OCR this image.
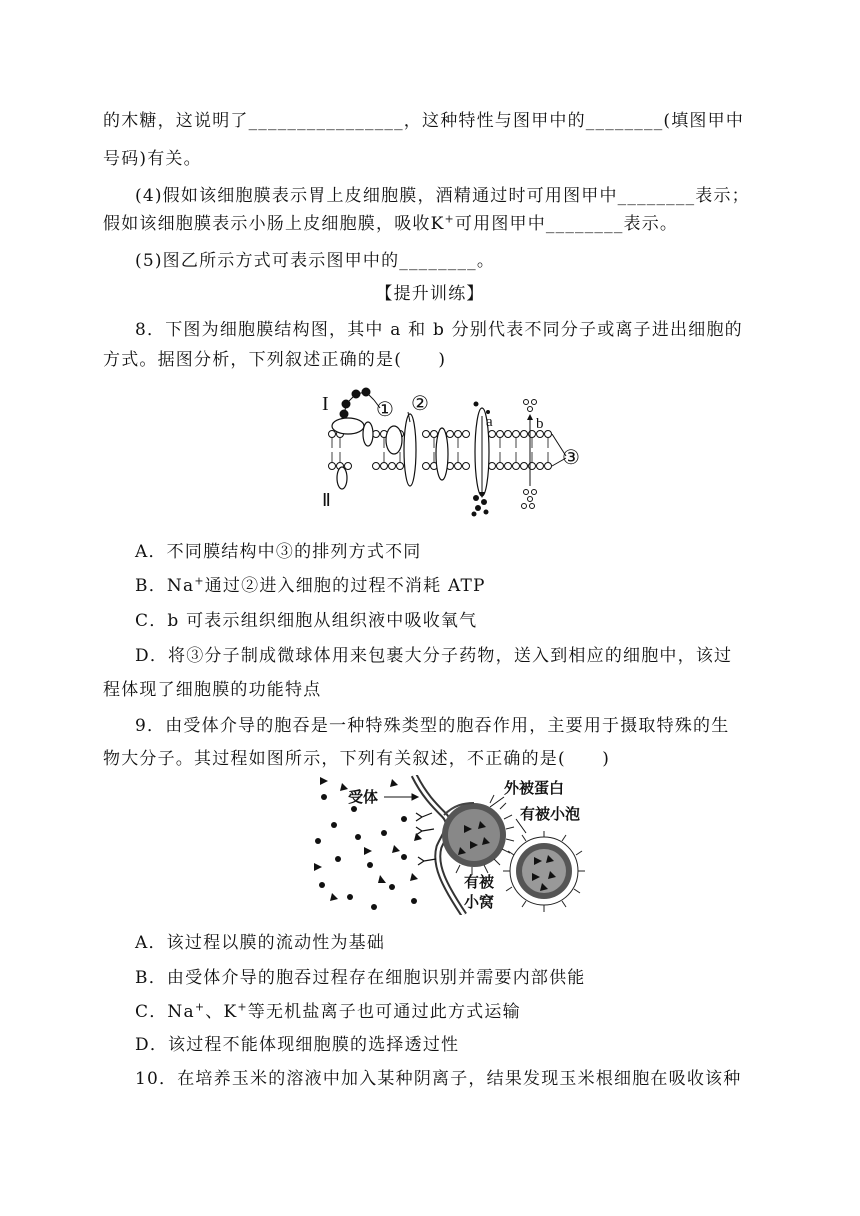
的木糖，这说明了________________，这种特性与图甲中的________(填图甲中
号码)有关。
(4)假如该细胞膜表示胃上皮细胞膜，酒精通过时可用图甲中________表示；
假如该细胞膜表示小肠上皮细胞膜，吸收K+可用图甲中________表示。
(5)图乙所示方式可表示图甲中的________。
【提升训练】
8．下图为细胞膜结构图，其中 a 和 b 分别代表不同分子或离子进出细胞的
方式。据图分析，下列叙述正确的是(　　)
I
Ⅱ
① ②
③
a	b
A．不同膜结构中③的排列方式不同
B．Na+通过②进入细胞的过程不消耗 ATP
C．b 可表示组织细胞从组织液中吸收氧气
D．将③分子制成微球体用来包裹大分子药物，送入到相应的细胞中，该过
程体现了细胞膜的功能特点
9．由受体介导的胞吞是一种特殊类型的胞吞作用，主要用于摄取特殊的生
物大分子。其过程如图所示，下列有关叙述，不正确的是(　　)
受体	外被蛋白
有被小泡
有被
小窝
A．该过程以膜的流动性为基础
B．由受体介导的胞吞过程存在细胞识别并需要内部供能
C．Na+、K+等无机盐离子也可通过此方式运输
D．该过程不能体现细胞膜的选择透过性
10．在培养玉米的溶液中加入某种阴离子，结果发现玉米根细胞在吸收该种
